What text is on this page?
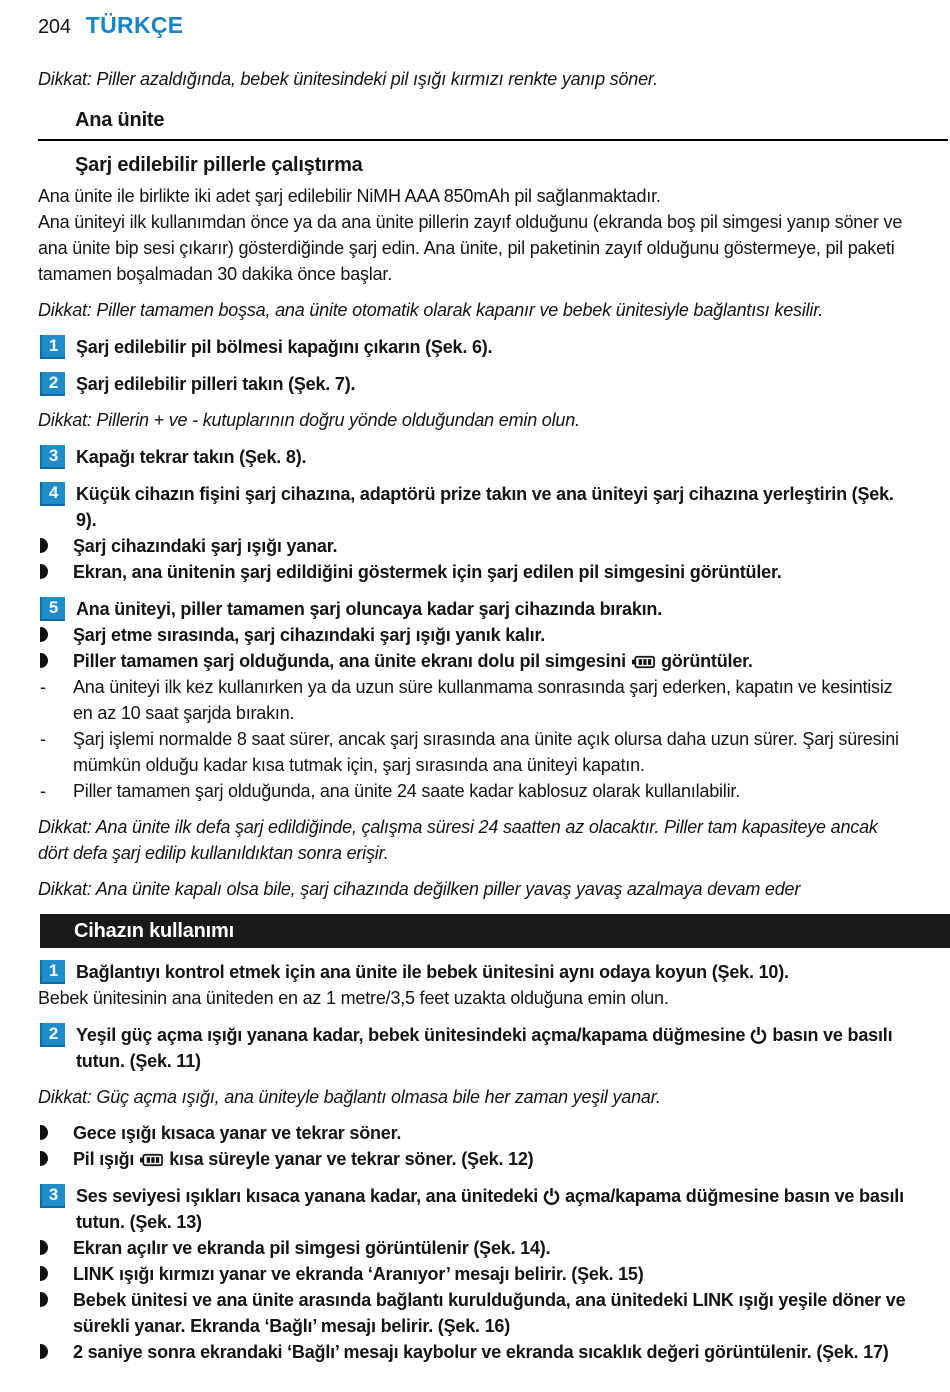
204 TÜRKÇE

Dikkat: Piller azaldığında, bebek ünitesindeki pil ışığı kırmızı renkte yanıp söner.

Ana ünite
Şarj edilebilir pillerle çalıştırma

Ana ünite ile birlikte iki adet şarj edilebilir NiMH AAA 850mAh pil sağlanmaktadır.

Ana üniteyi ilk kullanımdan önce ya da ana ünite pillerin zayıf olduğunu (ekranda boş pil simgesi yanıp söner ve ana ünite bip sesi çıkarır) gösterdiğinde şarj edin. Ana ünite, pil paketinin zayıf olduğunu göstermeye, pil paketi tamamen boşalmadan 30 dakika önce başlar.

Dikkat: Piller tamamen boşsa, ana ünite otomatik olarak kapanır ve bebek ünitesiyle bağlantısı kesilir.

1 Şarj edilebilir pil bölmesi kapağını çıkarın (Şek. 6).

2 Şarj edilebilir pilleri takın (Şek. 7).

Dikkat: Pillerin + ve - kutuplarının doğru yönde olduğundan emin olun.

3 Kapağı tekrar takın (Şek. 8).

4 Küçük cihazın fişini şarj cihazına, adaptörü prize takın ve ana üniteyi şarj cihazına yerleştirin (Şek. 9).

Şarj cihazındaki şarj ışığı yanar.

Ekran, ana ünitenin şarj edildiğini göstermek için şarj edilen pil simgesini görüntüler.

5 Ana üniteyi, piller tamamen şarj oluncaya kadar şarj cihazında bırakın.

Şarj etme sırasında, şarj cihazındaki şarj ışığı yanık kalır.

Piller tamamen şarj olduğunda, ana ünite ekranı dolu pil simgesini görüntüler.

-	Ana üniteyi ilk kez kullanırken ya da uzun süre kullanmama sonrasında şarj ederken, kapatın ve kesintisiz en az 10 saat şarjda bırakın.

-	Şarj işlemi normalde 8 saat sürer, ancak şarj sırasında ana ünite açık olursa daha uzun sürer. Şarj süresini mümkün olduğu kadar kısa tutmak için, şarj sırasında ana üniteyi kapatın.

-	Piller tamamen şarj olduğunda, ana ünite 24 saate kadar kablosuz olarak kullanılabilir.

Dikkat: Ana ünite ilk defa şarj edildiğinde, çalışma süresi 24 saatten az olacaktır. Piller tam kapasiteye ancak dört defa şarj edilip kullanıldıktan sonra erişir.

Dikkat: Ana ünite kapalı olsa bile, şarj cihazında değilken piller yavaş yavaş azalmaya devam eder

Cihazın kullanımı
1 Bağlantıyı kontrol etmek için ana ünite ile bebek ünitesini aynı odaya koyun (Şek. 10).

Bebek ünitesinin ana üniteden en az 1 metre/3,5 feet uzakta olduğuna emin olun.

2 Yeşil güç açma ışığı yanana kadar, bebek ünitesindeki açma/kapama düğmesine basın ve basılı tutun. (Şek. 11)

Dikkat: Güç açma ışığı, ana üniteyle bağlantı olmasa bile her zaman yeşil yanar.

Gece ışığı kısaca yanar ve tekrar söner.

Pil ışığı kısa süreyle yanar ve tekrar söner. (Şek. 12)

3 Ses seviyesi ışıkları kısaca yanana kadar, ana ünitedeki açma/kapama düğmesine basın ve basılı tutun. (Şek. 13)

Ekran açılır ve ekranda pil simgesi görüntülenir (Şek. 14).

LINK ışığı kırmızı yanar ve ekranda ‘Aranıyor’ mesajı belirir. (Şek. 15)

Bebek ünitesi ve ana ünite arasında bağlantı kurulduğunda, ana ünitedeki LINK ışığı yeşile döner ve sürekli yanar. Ekranda ‘Bağlı’ mesajı belirir. (Şek. 16)

2 saniye sonra ekrandaki ‘Bağlı’ mesajı kaybolur ve ekranda sıcaklık değeri görüntülenir. (Şek. 17)
